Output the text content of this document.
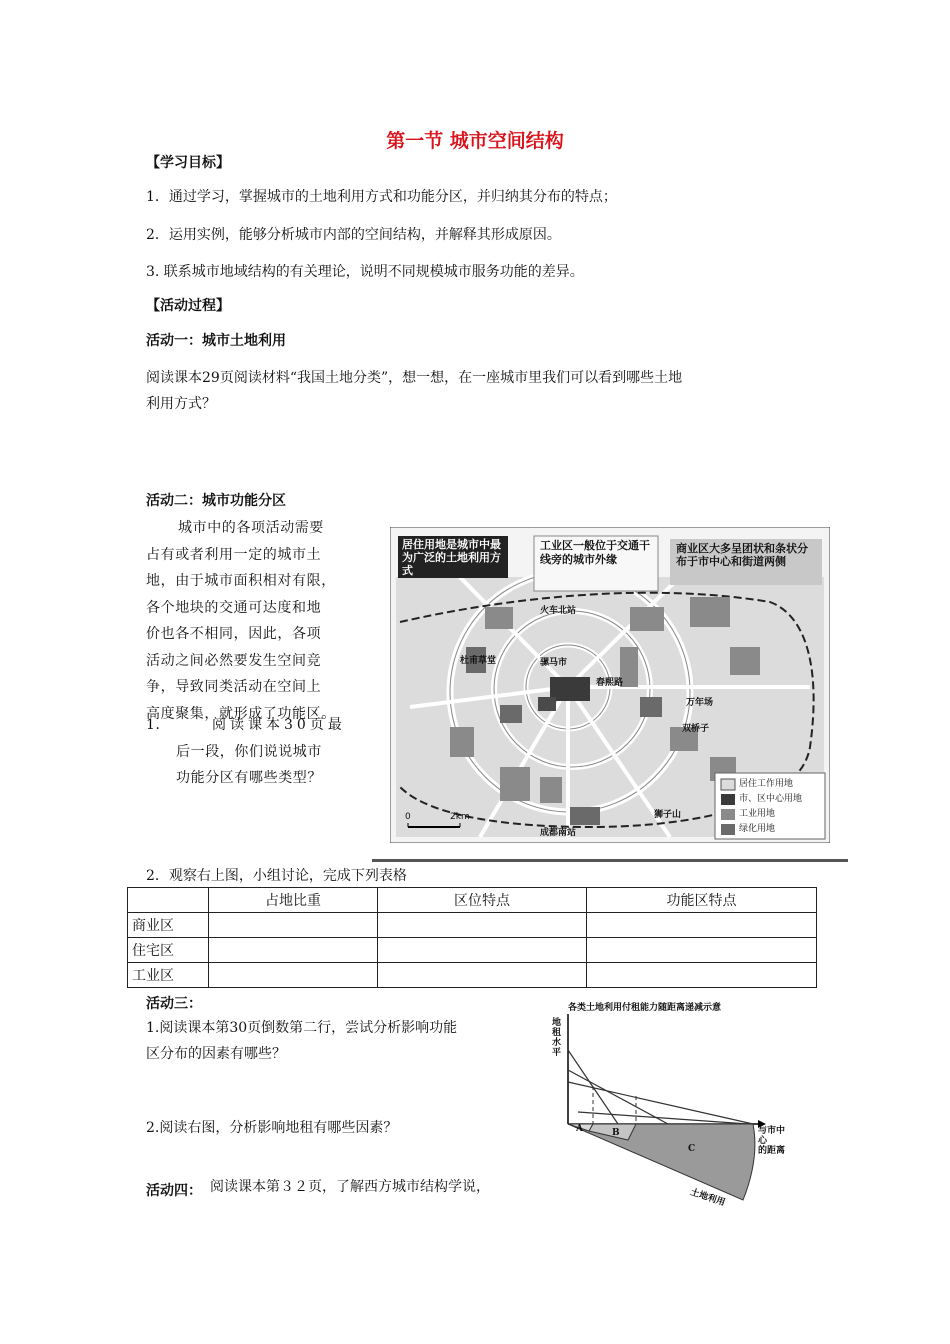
第一节 城市空间结构
【学习目标】
1．通过学习，掌握城市的土地利用方式和功能分区，并归纳其分布的特点；
2．运用实例，能够分析城市内部的空间结构，并解释其形成原因。
3. 联系城市地域结构的有关理论，说明不同规模城市服务功能的差异。
【活动过程】
活动一：城市土地利用
阅读课本29页阅读材料“我国土地分类”，想一想，在一座城市里我们可以看到哪些土地
利用方式？
活动二：城市功能分区
城市中的各项活动需要
占有或者利用一定的城市土
地，由于城市面积相对有限，
各个地块的交通可达度和地
价也各不相同，因此，各项
活动之间必然要发生空间竞
争，导致同类活动在空间上
高度聚集，就形成了功能区。
1．	阅读课本30页最
后一段，你们说说城市
功能分区有哪些类型？
居住用地是城市中最为广泛的土地利用方式
工业区一般位于交通干线旁的城市外缘
商业区大多呈团状和条状分布于市中心和街道两侧
居住工作用地
市、区中心用地
工业用地
绿化用地
0	2km
杜甫草堂	骡马市
春熙路
万年场
双桥子
狮子山
成都南站
火车北站
2．观察右上图，小组讨论，完成下列表格
	占地比重	区位特点	功能区特点
商业区			
住宅区			
工业区			
活动三：
1.阅读课本第30页倒数第二行，尝试分析影响功能
区分布的因素有哪些？
2.阅读右图，分析影响地租有哪些因素？
各类土地利用付租能力随距离递减示意
地租水平
与市中心
的距离
A	B
C
土地利用
活动四： 阅读课本第３２页，了解西方城市结构学说，
